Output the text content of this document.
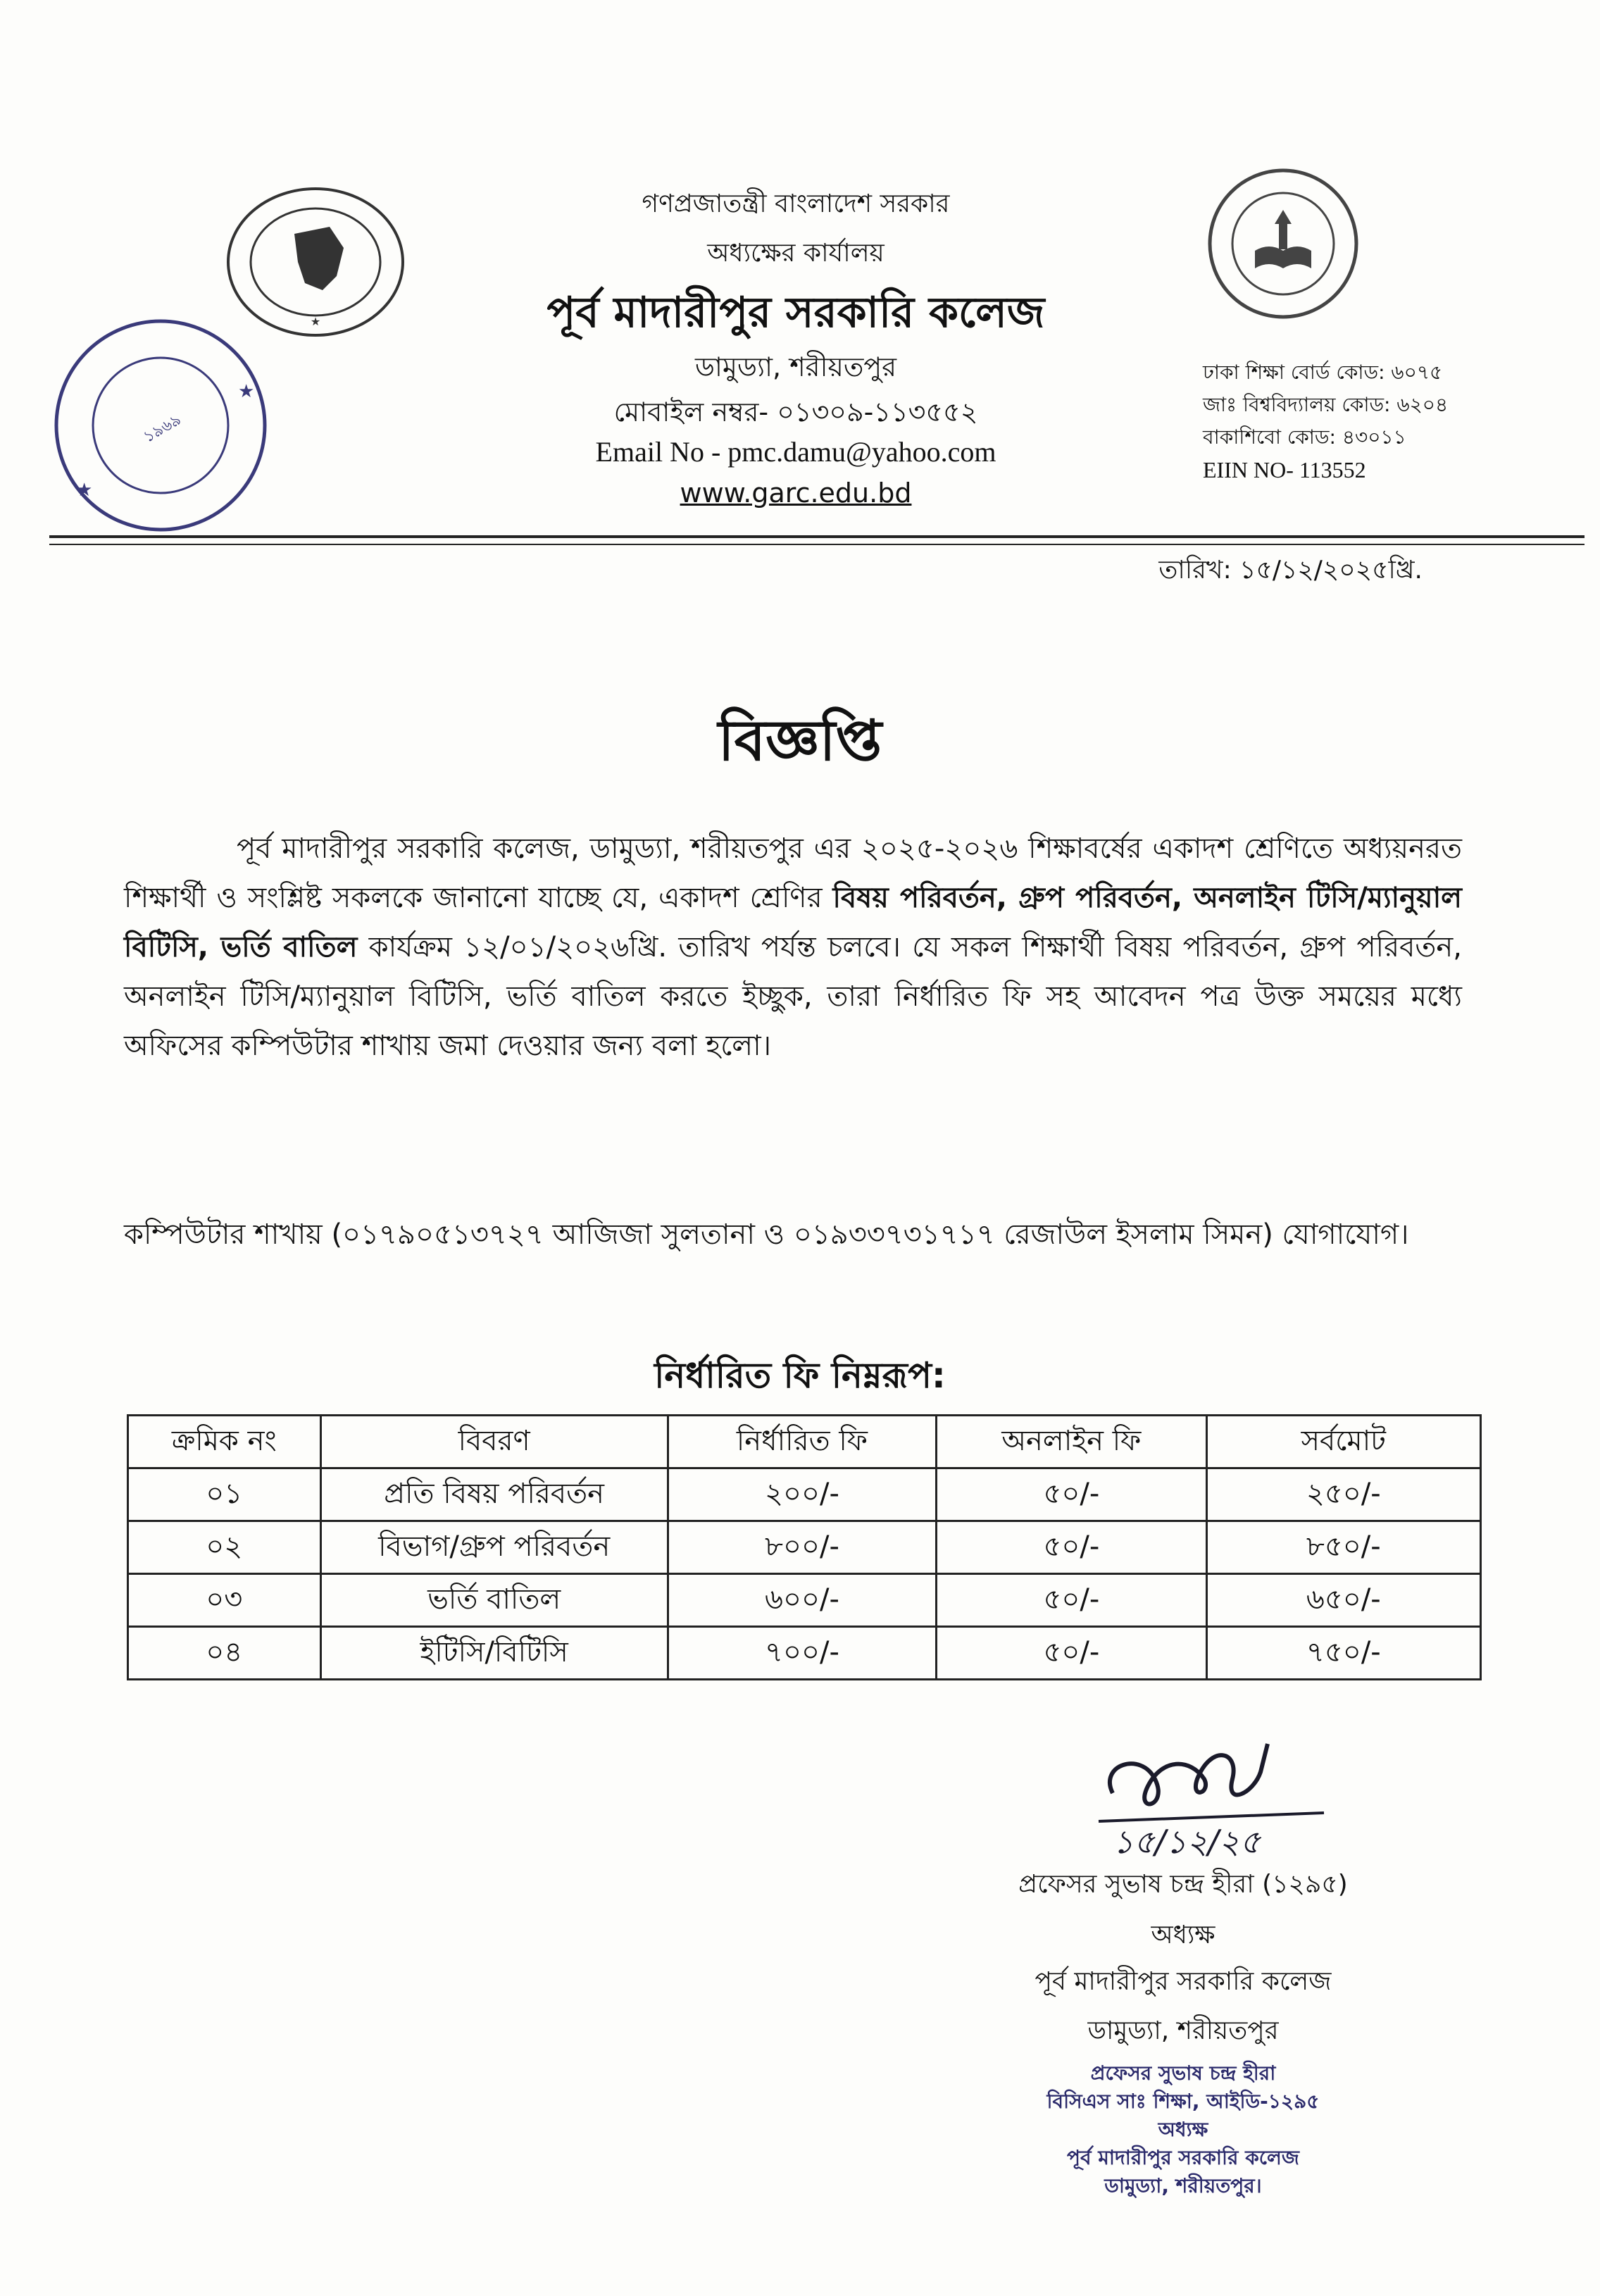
★
১৯৬৯
★
★
গণপ্রজাতন্ত্রী বাংলাদেশ সরকার
অধ্যক্ষের কার্যালয়
পূর্ব মাদারীপুর সরকারি কলেজ
ডামুড্যা, শরীয়তপুর
মোবাইল নম্বর- ০১৩০৯-১১৩৫৫২
Email No - pmc.damu@yahoo.com
www.garc.edu.bd
ঢাকা শিক্ষা বোর্ড কোড: ৬০৭৫
জাঃ বিশ্ববিদ্যালয় কোড: ৬২০৪
বাকাশিবো কোড: ৪৩০১১
EIIN NO- 113552
তারিখ: ১৫/১২/২০২৫খ্রি.
বিজ্ঞপ্তি
পূর্ব মাদারীপুর সরকারি কলেজ, ডামুড্যা, শরীয়তপুর এর ২০২৫-২০২৬ শিক্ষাবর্ষের একাদশ শ্রেণিতে অধ্যয়নরত শিক্ষার্থী ও সংশ্লিষ্ট সকলকে জানানো যাচ্ছে যে, একাদশ শ্রেণির বিষয় পরিবর্তন, গ্রুপ পরিবর্তন, অনলাইন টিসি/ম্যানুয়াল বিটিসি, ভর্তি বাতিল কার্যক্রম ১২/০১/২০২৬খ্রি. তারিখ পর্যন্ত চলবে। যে সকল শিক্ষার্থী বিষয় পরিবর্তন, গ্রুপ পরিবর্তন, অনলাইন টিসি/ম্যানুয়াল বিটিসি, ভর্তি বাতিল করতে ইচ্ছুক, তারা নির্ধারিত ফি সহ আবেদন পত্র উক্ত সময়ের মধ্যে অফিসের কম্পিউটার শাখায় জমা দেওয়ার জন্য বলা হলো।
কম্পিউটার শাখায় (০১৭৯০৫১৩৭২৭ আজিজা সুলতানা ও ০১৯৩৩৭৩১৭১৭ রেজাউল ইসলাম সিমন) যোগাযোগ।
নির্ধারিত ফি নিম্নরূপ:
ক্রমিক নং	বিবরণ	নির্ধারিত ফি	অনলাইন ফি	সর্বমোট
০১	প্রতি বিষয় পরিবর্তন	২০০/-	৫০/-	২৫০/-
০২	বিভাগ/গ্রুপ পরিবর্তন	৮০০/-	৫০/-	৮৫০/-
০৩	ভর্তি বাতিল	৬০০/-	৫০/-	৬৫০/-
০৪	ইটিসি/বিটিসি	৭০০/-	৫০/-	৭৫০/-
১৫/১২/২৫
প্রফেসর সুভাষ চন্দ্র হীরা (১২৯৫)
অধ্যক্ষ
পূর্ব মাদারীপুর সরকারি কলেজ
ডামুড্যা, শরীয়তপুর
প্রফেসর সুভাষ চন্দ্র হীরা
বিসিএস সাঃ শিক্ষা, আইডি-১২৯৫
অধ্যক্ষ
পূর্ব মাদারীপুর সরকারি কলেজ
ডামুড্যা, শরীয়তপুর।
